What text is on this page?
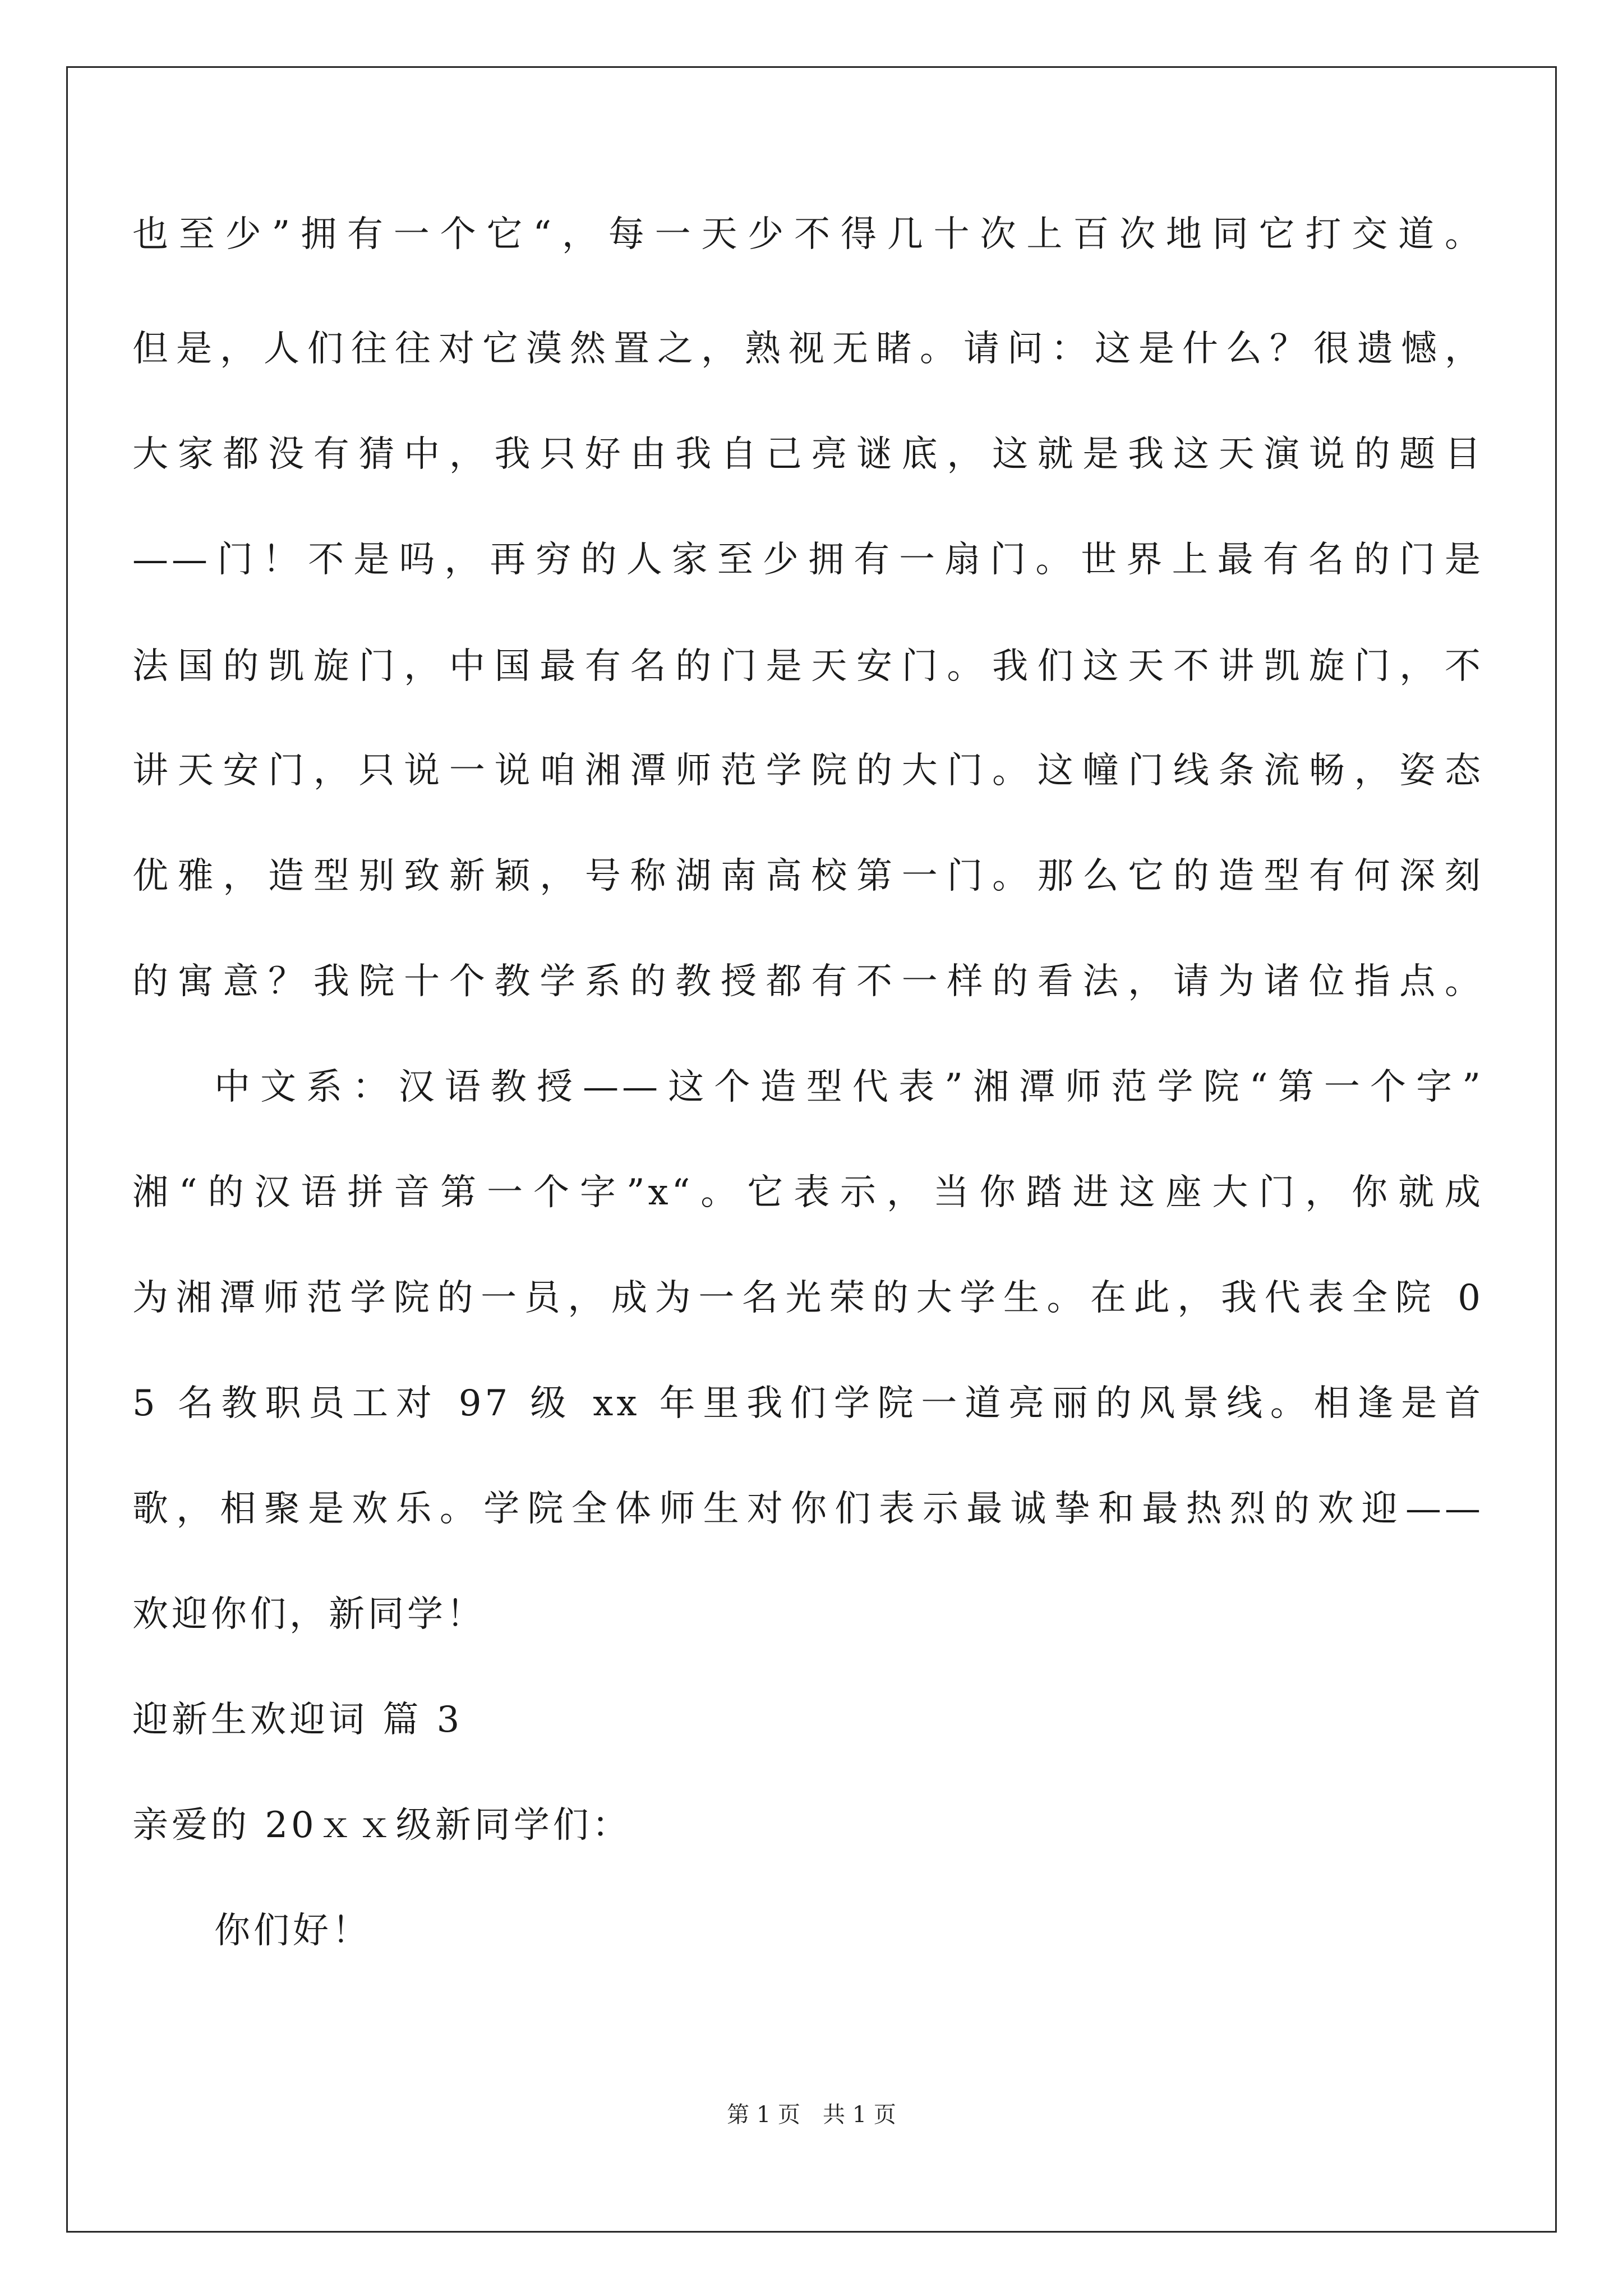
也至少”拥有一个它“，每一天少不得几十次上百次地同它打交道。
但是，人们往往对它漠然置之，熟视无睹。请问：这是什么？很遗憾，
大家都没有猜中，我只好由我自己亮谜底，这就是我这天演说的题目
——门！不是吗，再穷的人家至少拥有一扇门。世界上最有名的门是
法国的凯旋门，中国最有名的门是天安门。我们这天不讲凯旋门，不
讲天安门，只说一说咱湘潭师范学院的大门。这幢门线条流畅，姿态
优雅，造型别致新颖，号称湖南高校第一门。那么它的造型有何深刻
的寓意？我院十个教学系的教授都有不一样的看法，请为诸位指点。
中文系：汉语教授——这个造型代表”湘潭师范学院“第一个字”
湘“的汉语拼音第一个字”x“。它表示，当你踏进这座大门，你就成
为湘潭师范学院的一员，成为一名光荣的大学生。在此，我代表全院 0
5 名教职员工对 97 级 xx 年里我们学院一道亮丽的风景线。相逢是首
歌，相聚是欢乐。学院全体师生对你们表示最诚挚和最热烈的欢迎——
欢迎你们，新同学！
迎新生欢迎词 篇 3
亲爱的 20ｘｘ级新同学们：
你们好！
第 1 页　共 1 页
